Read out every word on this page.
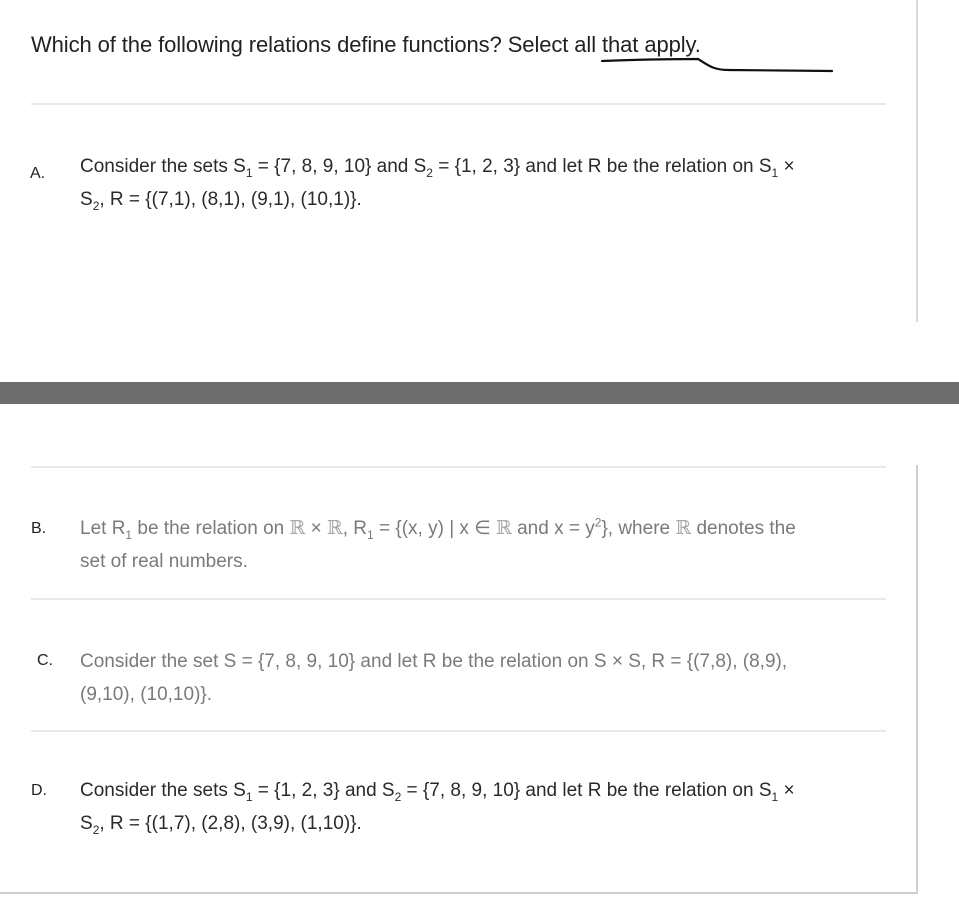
Which of the following relations define functions? Select all that apply.
A. Consider the sets $S_1 = \{7$, 8, 9, 10} and $S_2 = \{1$, 2, 3} and let R be the relation on $S_1 \times S_2$, R = {(7,1), (8,1), (9,1), (10,1)}.
B. Let $R_1$ be the relation on ℝ × ℝ, $R_1 = \{(x$, y) | x ∈ ℝ and $x = y^2$}, where ℝ denotes the set of real numbers.
C. Consider the set S = {7, 8, 9, 10} and let R be the relation on S × S, R = {(7,8), (8,9), (9,10), (10,10)}.
D. Consider the sets $S_1 = \{1$, 2, 3} and $S_2 = \{7$, 8, 9, 10} and let R be the relation on $S_1 \times S_2$, R = {(1,7), (2,8), (3,9), (1,10)}.
